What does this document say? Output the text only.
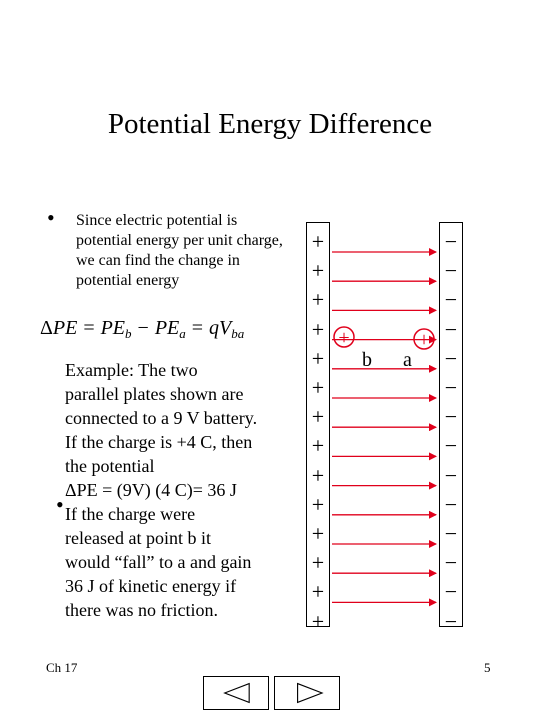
Potential Energy Difference
• Since electric potential is potential energy per unit charge, we can find the change in potential energy
$\Delta PE = PE_b - PE_a = qV_{ba}$
Example: The two
parallel plates shown are
connected to a 9 V battery.
If the charge is +4 C, then
the potential
ΔPE = (9V) (4 C)= 36 J
If the charge were
released at point b it
would “fall” to a and gain
36 J of kinetic energy if
there was no friction.
•
+
+
+
+
+
+
+
+
+
+
+
+
+
+
−
−
−
−
−
−
−
−
−
−
−
−
−
−
+	+
b a
Ch 17	5
